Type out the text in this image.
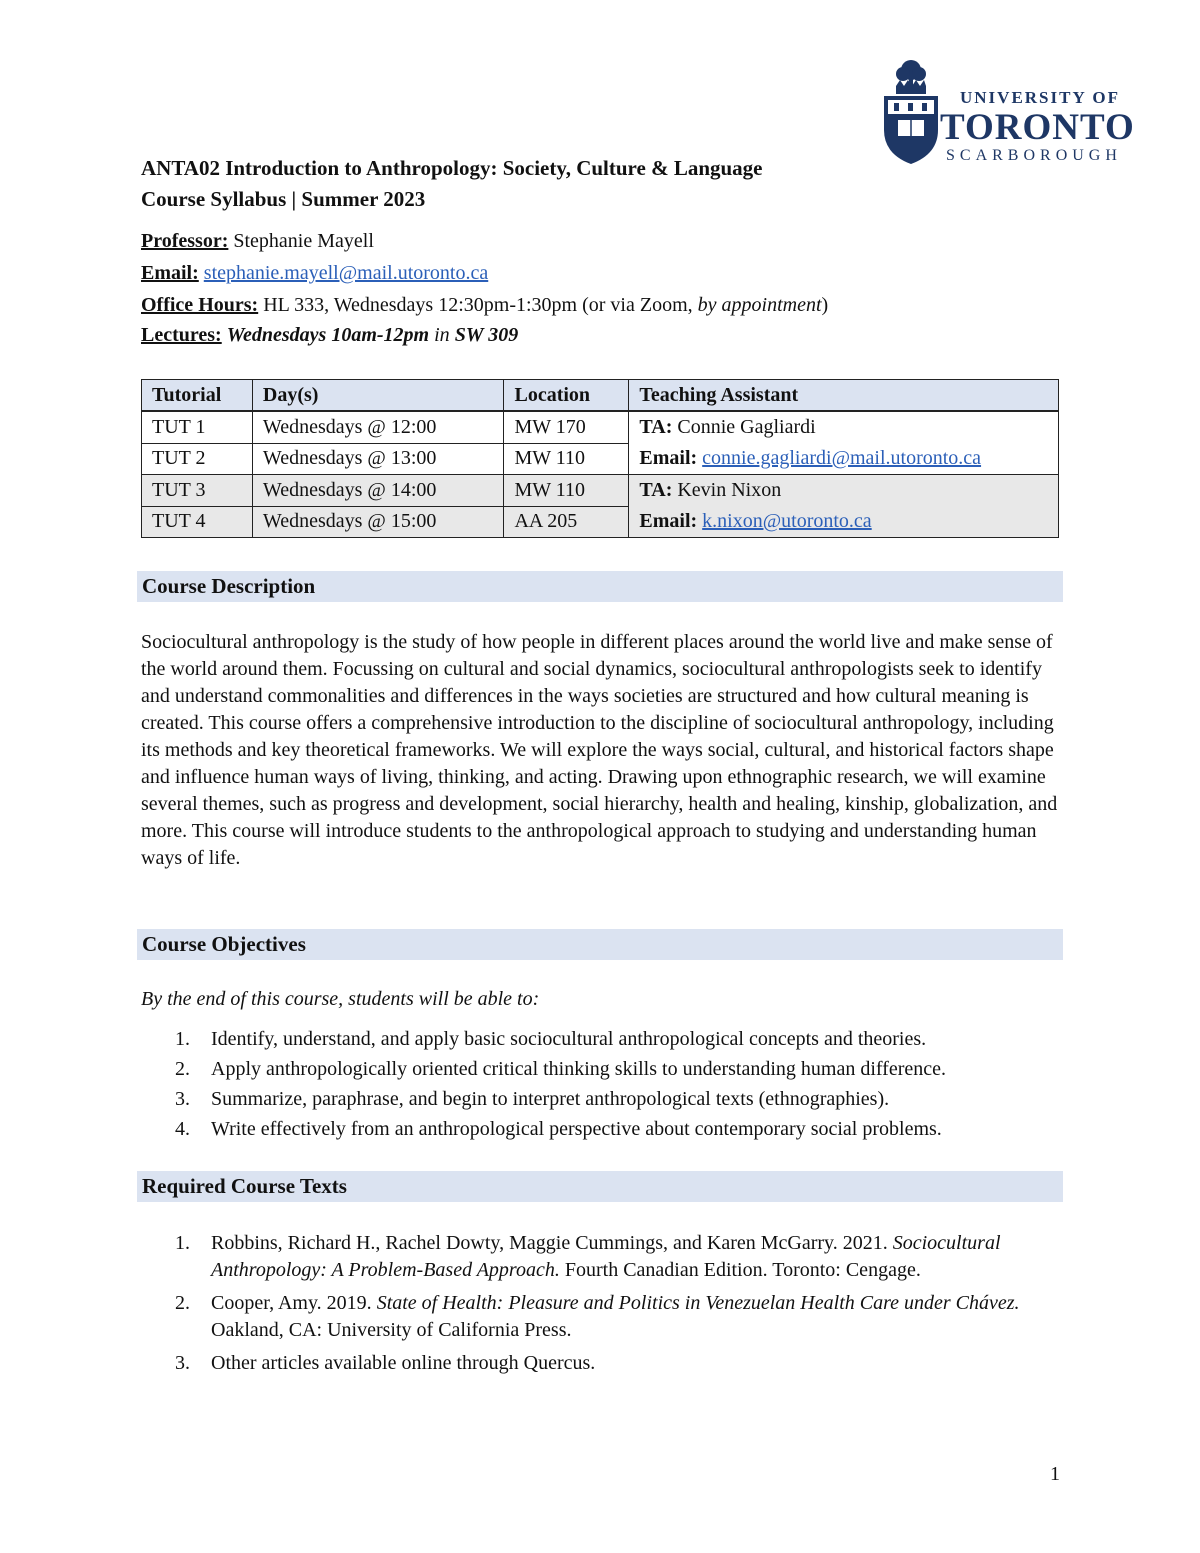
UNIVERSITY OF
TORONTO
SCARBOROUGH
ANTA02 Introduction to Anthropology: Society, Culture & Language
Course Syllabus | Summer 2023
Professor: Stephanie Mayell
Email: stephanie.mayell@mail.utoronto.ca
Office Hours: HL 333, Wednesdays 12:30pm-1:30pm (or via Zoom, by appointment)
Lectures: Wednesdays 10am-12pm in SW 309
Tutorial	Day(s)	Location	Teaching Assistant
TUT 1	Wednesdays @ 12:00	MW 170	TA: Connie Gagliardi
Email: connie.gagliardi@mail.utoronto.ca
TUT 2	Wednesdays @ 13:00	MW 110	
TUT 3	Wednesdays @ 14:00	MW 110	TA: Kevin Nixon
Email: k.nixon@utoronto.ca
TUT 4	Wednesdays @ 15:00	AA 205	
Course Description
Sociocultural anthropology is the study of how people in different places around the world live and make sense of the world around them. Focussing on cultural and social dynamics, sociocultural anthropologists seek to identify and understand commonalities and differences in the ways societies are structured and how cultural meaning is created. This course offers a comprehensive introduction to the discipline of sociocultural anthropology, including its methods and key theoretical frameworks. We will explore the ways social, cultural, and historical factors shape and influence human ways of living, thinking, and acting. Drawing upon ethnographic research, we will examine several themes, such as progress and development, social hierarchy, health and healing, kinship, globalization, and more. This course will introduce students to the anthropological approach to studying and understanding human ways of life.
Course Objectives
By the end of this course, students will be able to:
1. Identify, understand, and apply basic sociocultural anthropological concepts and theories.
2. Apply anthropologically oriented critical thinking skills to understanding human difference.
3. Summarize, paraphrase, and begin to interpret anthropological texts (ethnographies).
4. Write effectively from an anthropological perspective about contemporary social problems.
Required Course Texts
1. Robbins, Richard H., Rachel Dowty, Maggie Cummings, and Karen McGarry. 2021. Sociocultural Anthropology: A Problem-Based Approach. Fourth Canadian Edition. Toronto: Cengage.
2. Cooper, Amy. 2019. State of Health: Pleasure and Politics in Venezuelan Health Care under Chávez. Oakland, CA: University of California Press.
3. Other articles available online through Quercus.
1
